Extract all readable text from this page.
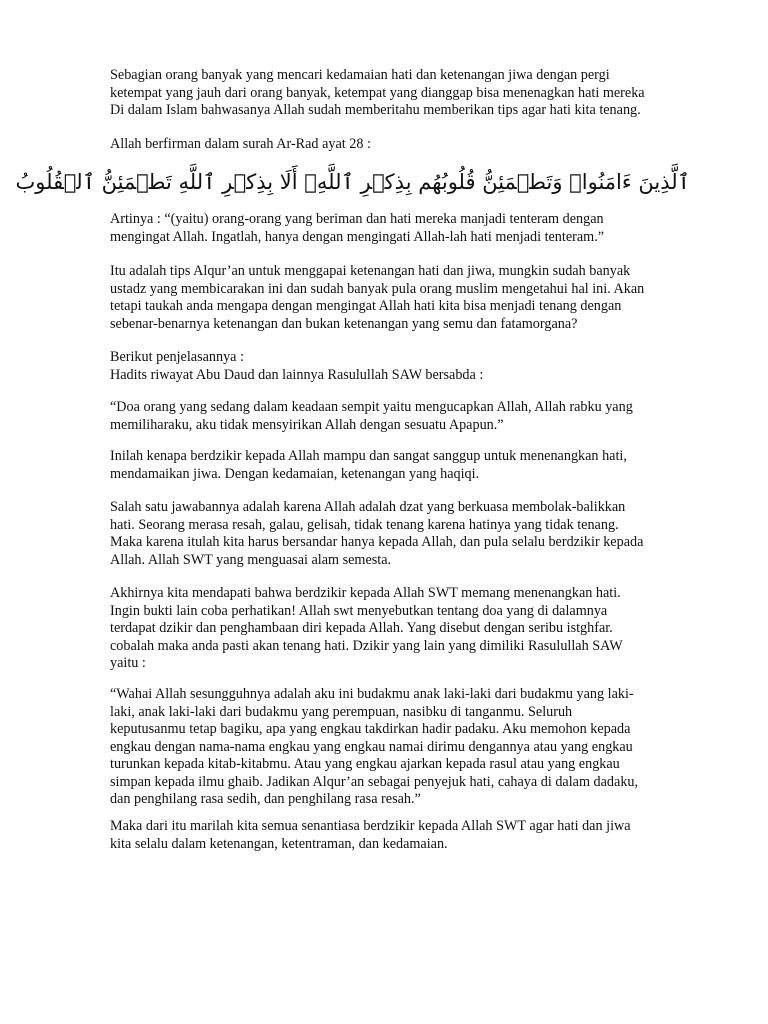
Sebagian orang banyak yang mencari kedamaian hati dan ketenangan jiwa dengan pergi
ketempat yang jauh dari orang banyak, ketempat yang dianggap bisa menenagkan hati mereka
Di dalam Islam bahwasanya Allah sudah memberitahu memberikan tips agar hati kita tenang.
Allah berfirman dalam surah Ar-Rad ayat 28 :
ٱلَّذِينَ ءَامَنُوا۟ وَتَطۡمَئِنُّ قُلُوبُهُم بِذِكۡرِ ٱللَّهِۗ أَلَا بِذِكۡرِ ٱللَّهِ تَطۡمَئِنُّ ٱلۡقُلُوبُ
Artinya : “(yaitu) orang-orang yang beriman dan hati mereka manjadi tenteram dengan
mengingat Allah. Ingatlah, hanya dengan mengingati Allah-lah hati menjadi tenteram.”
Itu adalah tips Alqur’an untuk menggapai ketenangan hati dan jiwa, mungkin sudah banyak
ustadz yang membicarakan ini dan sudah banyak pula orang muslim mengetahui hal ini. Akan
tetapi taukah anda mengapa dengan mengingat Allah hati kita bisa menjadi tenang dengan
sebenar-benarnya ketenangan dan bukan ketenangan yang semu dan fatamorgana?
Berikut penjelasannya :
Hadits riwayat Abu Daud dan lainnya Rasulullah SAW bersabda :
“Doa orang yang sedang dalam keadaan sempit yaitu mengucapkan Allah, Allah rabku yang
memiliharaku, aku tidak mensyirikan Allah dengan sesuatu Apapun.”
Inilah kenapa berdzikir kepada Allah mampu dan sangat sanggup untuk menenangkan hati,
mendamaikan jiwa. Dengan kedamaian, ketenangan yang haqiqi.
Salah satu jawabannya adalah karena Allah adalah dzat yang berkuasa membolak-balikkan
hati. Seorang merasa resah, galau, gelisah, tidak tenang karena hatinya yang tidak tenang.
Maka karena itulah kita harus bersandar hanya kepada Allah, dan pula selalu berdzikir kepada
Allah. Allah SWT yang menguasai alam semesta.
Akhirnya kita mendapati bahwa berdzikir kepada Allah SWT memang menenangkan hati.
Ingin bukti lain coba perhatikan! Allah swt menyebutkan tentang doa yang di dalamnya
terdapat dzikir dan penghambaan diri kepada Allah. Yang disebut dengan seribu istghfar.
cobalah maka anda pasti akan tenang hati. Dzikir yang lain yang dimiliki Rasulullah SAW
yaitu :
“Wahai Allah sesungguhnya adalah aku ini budakmu anak laki-laki dari budakmu yang laki-
laki, anak laki-laki dari budakmu yang perempuan, nasibku di tanganmu. Seluruh
keputusanmu tetap bagiku, apa yang engkau takdirkan hadir padaku. Aku memohon kepada
engkau dengan nama-nama engkau yang engkau namai dirimu dengannya atau yang engkau
turunkan kepada kitab-kitabmu. Atau yang engkau ajarkan kepada rasul atau yang engkau
simpan kepada ilmu ghaib. Jadikan Alqur’an sebagai penyejuk hati, cahaya di dalam dadaku,
dan penghilang rasa sedih, dan penghilang rasa resah.”
Maka dari itu marilah kita semua senantiasa berdzikir kepada Allah SWT agar hati dan jiwa
kita selalu dalam ketenangan, ketentraman, dan kedamaian.
